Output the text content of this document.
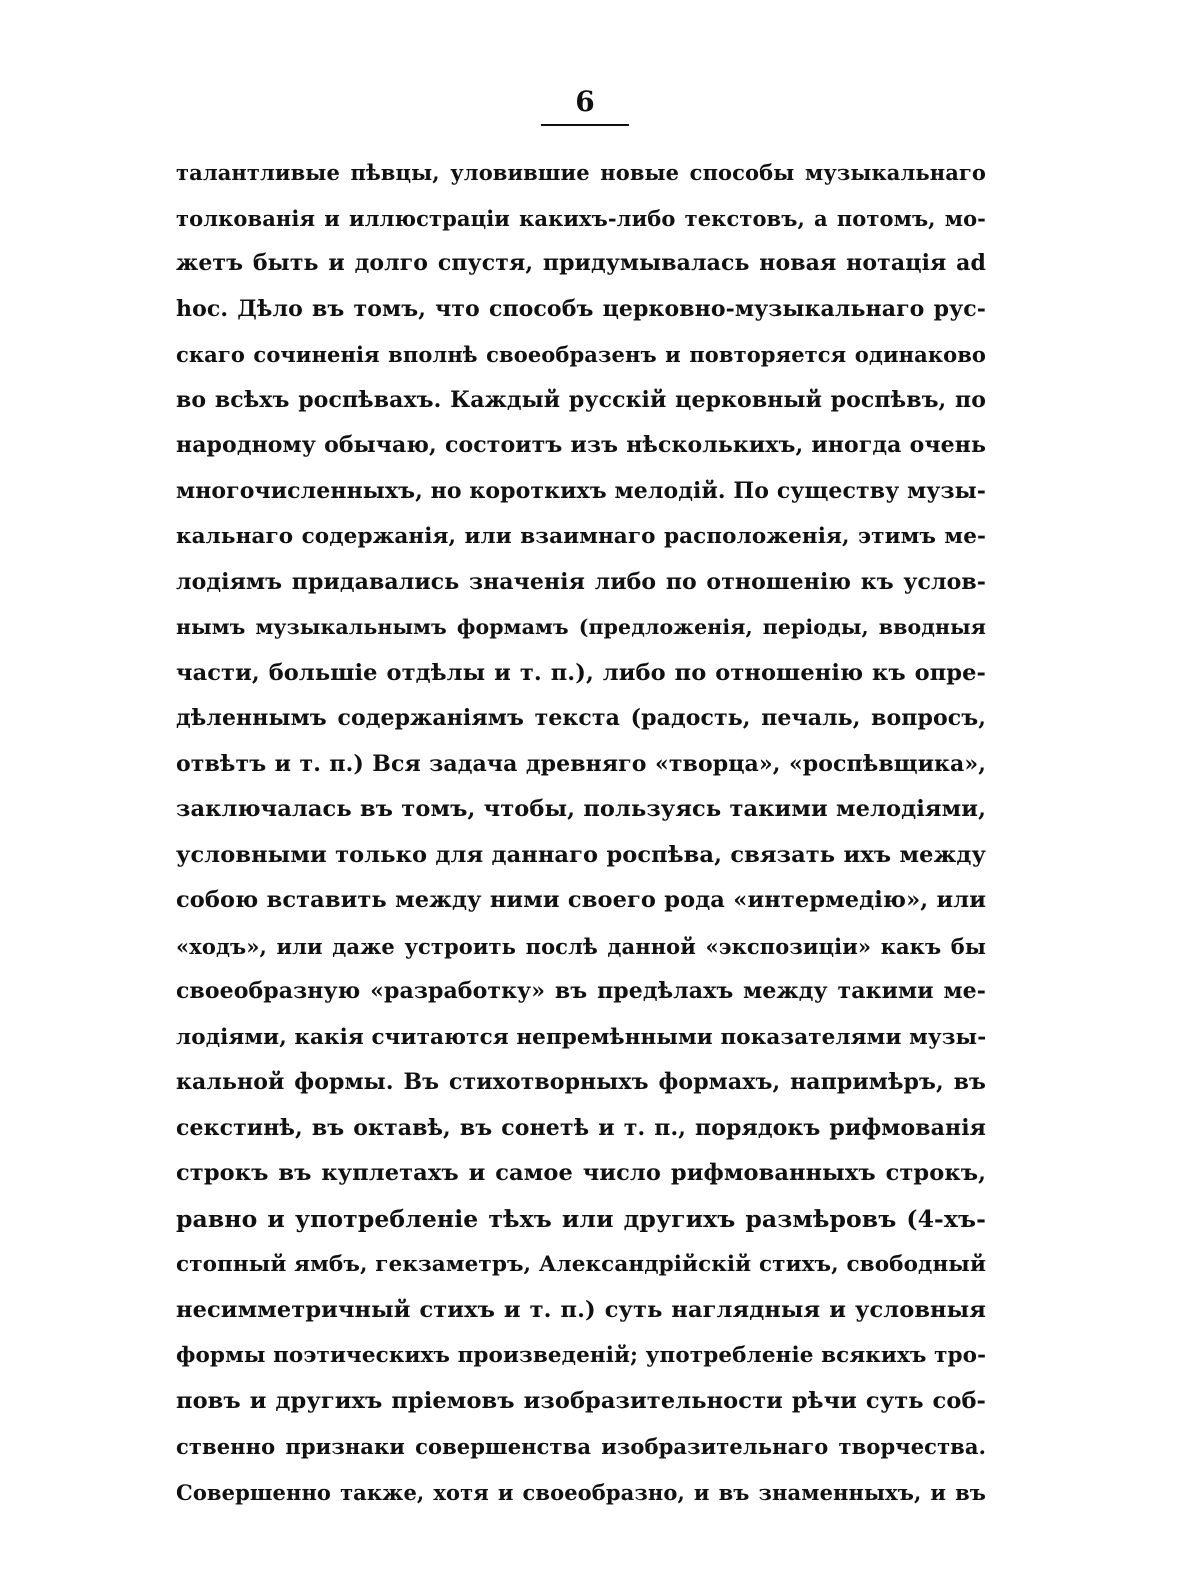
6
талантливые пѣвцы, уловившие новые способы музыкальнаго
толкованія и иллюстраціи какихъ-либо текстовъ, а потомъ, мо-
жетъ быть и долго спустя, придумывалась новая нотація ad
hoc. Дѣло въ томъ, что способъ церковно-музыкальнаго рус-
скаго сочиненія вполнѣ своеобразенъ и повторяется одинаково
во всѣхъ роспѣвахъ. Каждый русскій церковный роспѣвъ, по
народному обычаю, состоитъ изъ нѣсколькихъ, иногда очень
многочисленныхъ, но короткихъ мелодій. По существу музы-
кальнаго содержанія, или взаимнаго расположенія, этимъ ме-
лодіямъ придавались значенія либо по отношенію къ услов-
нымъ музыкальнымъ формамъ (предложенія, періоды, вводныя
части, большіе отдѣлы и т. п.), либо по отношенію къ опре-
дѣленнымъ содержаніямъ текста (радость, печаль, вопросъ,
отвѣтъ и т. п.) Вся задача древняго «творца», «роспѣвщика»,
заключалась въ томъ, чтобы, пользуясь такими мелодіями,
условными только для даннаго роспѣва, связать ихъ между
собою вставить между ними своего рода «интермедію», или
«ходъ», или даже устроить послѣ данной «экспозиціи» какъ бы
своеобразную «разработку» въ предѣлахъ между такими ме-
лодіями, какія считаются непремѣнными показателями музы-
кальной формы. Въ стихотворныхъ формахъ, напримѣръ, въ
секстинѣ, въ октавѣ, въ сонетѣ и т. п., порядокъ рифмованія
строкъ въ куплетахъ и самое число рифмованныхъ строкъ,
равно и употребленіе тѣхъ или другихъ размѣровъ (4-хъ-
стопный ямбъ, гекзаметръ, Александрійскій стихъ, свободный
несимметричный стихъ и т. п.) суть наглядныя и условныя
формы поэтическихъ произведеній; употребленіе всякихъ тро-
повъ и другихъ пріемовъ изобразительности рѣчи суть соб-
ственно признаки совершенства изобразительнаго творчества.
Совершенно также, хотя и своеобразно, и въ знаменныхъ, и въ
